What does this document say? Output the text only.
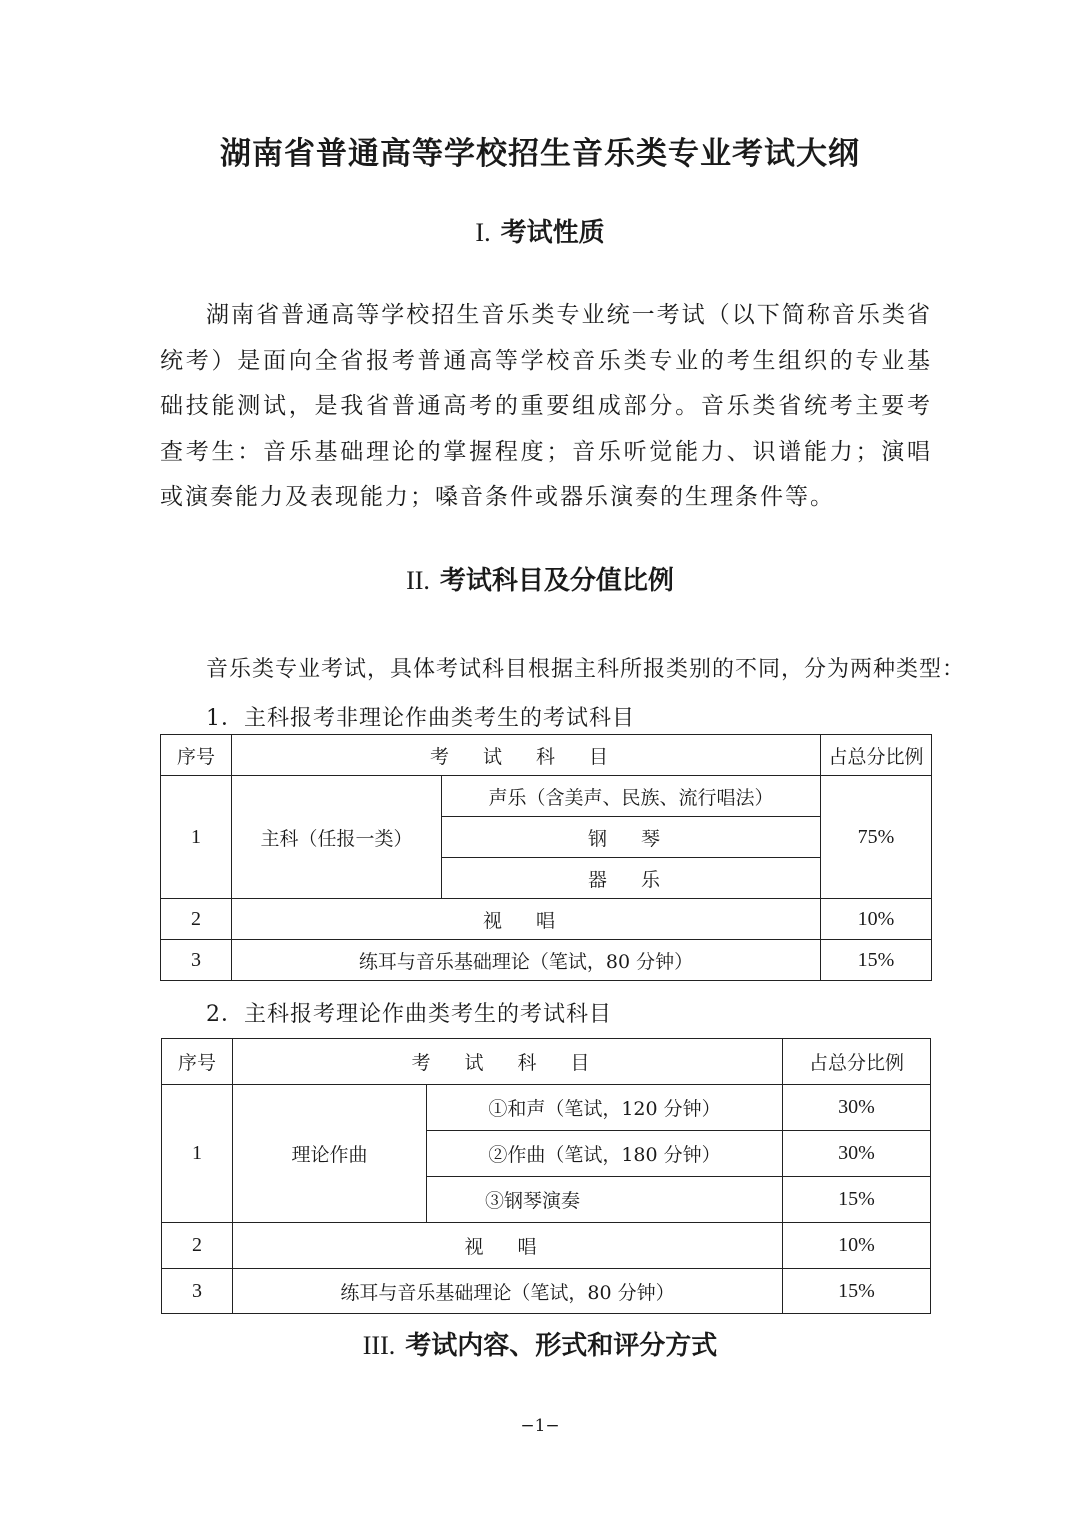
湖南省普通高等学校招生音乐类专业考试大纲
I. 考试性质
湖南省普通高等学校招生音乐类专业统一考试（以下简称音乐类省统考）是面向全省报考普通高等学校音乐类专业的考生组织的专业基础技能测试，是我省普通高考的重要组成部分。音乐类省统考主要考查考生：音乐基础理论的掌握程度；音乐听觉能力、识谱能力；演唱或演奏能力及表现能力；嗓音条件或器乐演奏的生理条件等。
II. 考试科目及分值比例
音乐类专业考试，具体考试科目根据主科所报类别的不同，分为两种类型：
1．主科报考非理论作曲类考生的考试科目
序号	考 试 科 目		占总分比例
1	主科（任报一类）	声乐（含美声、民族、流行唱法）	75%
		钢 琴	
		器 乐	
2	视 唱		10%
3	练耳与音乐基础理论（笔试，80 分钟）		15%
2．主科报考理论作曲类考生的考试科目
序号	考 试 科 目		占总分比例
1	理论作曲	①和声（笔试，120 分钟）	30%
		②作曲（笔试，180 分钟）	30%
		③钢琴演奏	15%
2	视 唱		10%
3	练耳与音乐基础理论（笔试，80 分钟）		15%
III. 考试内容、形式和评分方式
−1−
